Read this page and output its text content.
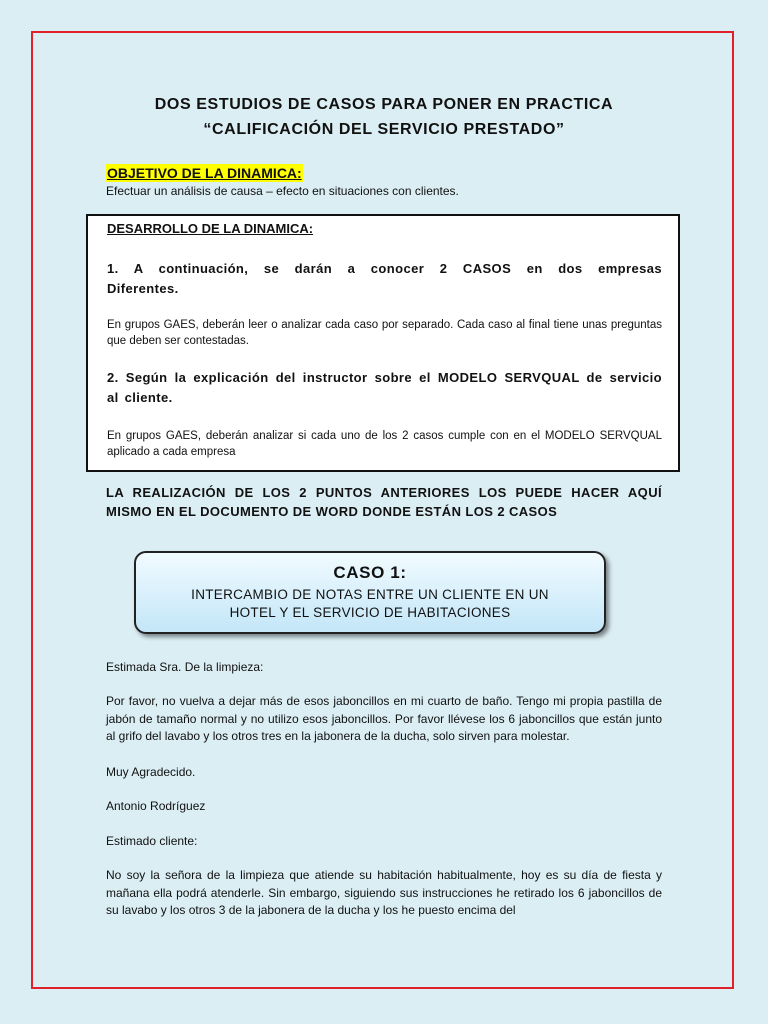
DOS ESTUDIOS DE CASOS PARA PONER EN PRACTICA
“CALIFICACIÓN DEL SERVICIO PRESTADO”
OBJETIVO DE LA DINAMICA:
Efectuar un análisis de causa – efecto en situaciones con clientes.
DESARROLLO DE LA DINAMICA:
1. A continuación, se darán a conocer 2 CASOS en dos empresas Diferentes.
En grupos GAES, deberán leer o analizar cada caso por separado. Cada caso al final tiene unas preguntas que deben ser contestadas.
2. Según la explicación del instructor sobre el MODELO SERVQUAL de servicio al cliente.
En grupos GAES, deberán analizar si cada uno de los 2 casos cumple con en el MODELO SERVQUAL aplicado a cada empresa
LA REALIZACIÓN DE LOS 2 PUNTOS ANTERIORES LOS PUEDE HACER AQUÍ MISMO EN EL DOCUMENTO DE WORD DONDE ESTÁN LOS 2 CASOS
CASO 1:
INTERCAMBIO DE NOTAS ENTRE UN CLIENTE EN UN
HOTEL Y EL SERVICIO DE HABITACIONES
Estimada Sra. De la limpieza:
Por favor, no vuelva a dejar más de esos jaboncillos en mi cuarto de baño. Tengo mi propia pastilla de jabón de tamaño normal y no utilizo esos jaboncillos. Por favor llévese los 6 jaboncillos que están junto al grifo del lavabo y los otros tres en la jabonera de la ducha, solo sirven para molestar.
Muy Agradecido.
Antonio Rodríguez
Estimado cliente:
No soy la señora de la limpieza que atiende su habitación habitualmente, hoy es su día de fiesta y mañana ella podrá atenderle. Sin embargo, siguiendo sus instrucciones he retirado los 6 jaboncillos de su lavabo y los otros 3 de la jabonera de la ducha y los he puesto encima del
